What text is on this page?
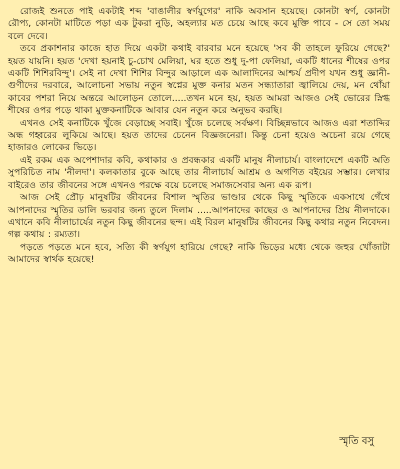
রোজই শুনতে পাই একটাই শব্দ 'বাঙালীর স্বর্ণযুগের' নাকি অবসান হয়েছে। কোনটা স্বর্ণ, কোনটা রৌপ্য, কোনটা মাটিতে পড়া এক টুকরা নুড়ি, অহল্যার মত চেয়ে আছে কবে মুক্তি পাবে - সে তো সময় বলে দেবে।

তবে প্রকাশনার কাজে হাত দিয়ে একটা কথাই বারবার মনে হয়েছে 'সব কী তাহলে ফুরিয়ে গেছে?' হয়ত যায়নি। হয়ত 'দেখা হয়নাই চু-চোখ মেলিয়া, ঘর হতে শুধু দু-পা ফেলিয়া, একটি ধানের শীষের ওপর একটি শিশিরবিন্দু'। সেই না দেখা শিশির বিন্দুর আড়ালে এক আলাদিনের আশ্চর্য প্রদীপ যখন শুধু জ্ঞানী-গুণীদের দরবারে, আলোচনা সভায় নতুন স্বপ্নের মুক্ত কনার মতন সন্ধ্যাতারা জ্বালিয়ে দেয়, মন থোঁয়া কাবের পশরা নিয়ে অন্তরে আলোড়ন তোলে.....তখন মনে হয়, হয়ত আমরা আজও সেই ভোরের স্নিগ্ধ শীষের ওপর পড়ে থাকা মুক্তকনাটিকে আবার যেন নতুন করে অনুভব করছি।

এখনও সেই কনাটিকে খুঁজে বেড়াচ্ছে সবাই। খুঁজে চলেছে সর্বক্ষণ। বিচ্ছিন্নভাবে আজও এরা শতাব্দির অন্ধ গহ্বরের লুকিয়ে আছে। হয়ত তাদের চেনেন বিজ্ঞজনেরা। কিন্তু চেনা হয়েও অচেনা রয়ে গেছে হাজারও লোকের ভিড়ে।

এই রকম এক অপেশাদার কবি, কথাকার ও প্রবন্ধকার একটি মানুষ নীলাচার্য। বাংলাদেশে একটি অতি সুপরিচিত নাম 'নীলদা'। কলকাতার বুকে আছে তার নীলাচার্য আশ্রম ও অগণিত বইয়ের সম্ভার। লেখার বাইরেও তার জীবনের সঙ্গে এখনও পরক্ষে বয়ে চলেছে সমাজসেবার অন্য এক রূপ।

আজ সেই প্রৌঢ় মানুষটির জীবনের বিশাল স্মৃতির ভাণ্ডার থেকে কিছু স্মৃতিকে একসাথে গেঁথে আপনাদের স্মৃতির ডালি ভরবার জন্য তুলে দিলাম .....আপনাদের কাছের ও আপনাদের প্রিয় নীলদাকে। এখানে কবি নীলাচার্যের নতুন কিছু জীবনের ছন্দ। এই বিরল মানুষটির জীবনের কিছু কথার নতুন নিবেদন। গল্প কথায় : রম্যতা।

পড়তে পড়তে মনে হবে, সত্যি কী স্বর্ণযুগ হারিয়ে গেছে? নাকি ভিড়ের মধ্যে থেকে জহুর খোঁজাটা আমাদের স্বার্থক হয়েছে!

স্মৃতি বসু
